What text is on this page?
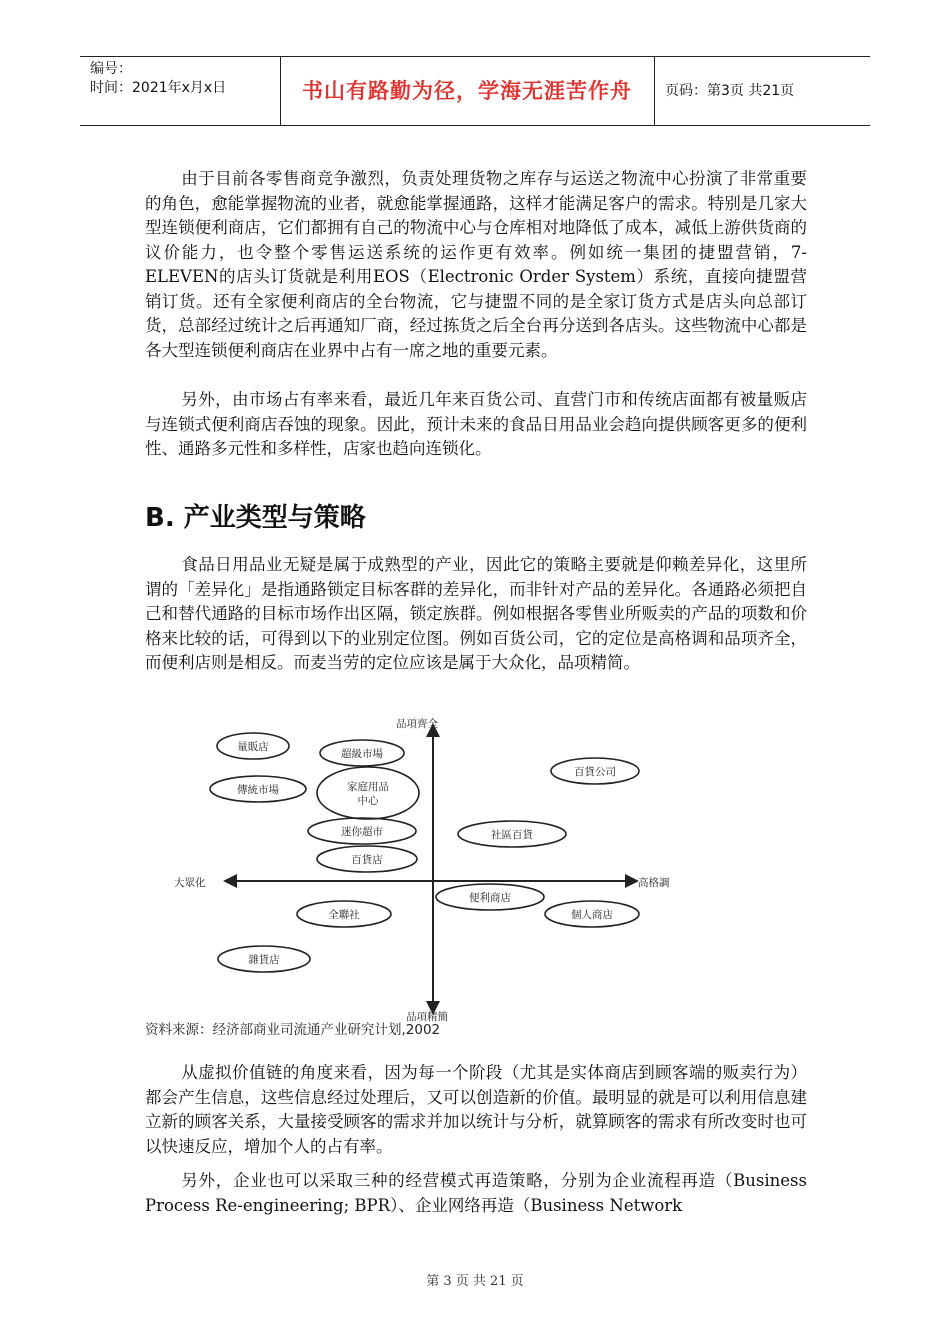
编号：
时间：2021年x月x日	书山有路勤为径，学海无涯苦作舟	页码：第3页 共21页

由于目前各零售商竞争激烈，负责处理货物之库存与运送之物流中心扮演了非常重要的角色，愈能掌握物流的业者，就愈能掌握通路，这样才能满足客户的需求。特别是几家大型连锁便利商店，它们都拥有自己的物流中心与仓库相对地降低了成本，减低上游供货商的议价能力，也令整个零售运送系统的运作更有效率。例如统一集团的捷盟营销，7-ELEVEN的店头订货就是利用EOS（Electronic Order System）系统，直接向捷盟营销订货。还有全家便利商店的全台物流，它与捷盟不同的是全家订货方式是店头向总部订货，总部经过统计之后再通知厂商，经过拣货之后全台再分送到各店头。这些物流中心都是各大型连锁便利商店在业界中占有一席之地的重要元素。

另外，由市场占有率来看，最近几年来百货公司、直营门市和传统店面都有被量贩店与连锁式便利商店吞蚀的现象。因此，预计未来的食品日用品业会趋向提供顾客更多的便利性、通路多元性和多样性，店家也趋向连锁化。

B. 产业类型与策略

食品日用品业无疑是属于成熟型的产业，因此它的策略主要就是仰赖差异化，这里所谓的「差异化」是指通路锁定目标客群的差异化，而非针对产品的差异化。各通路必须把自己和替代通路的目标市场作出区隔，锁定族群。例如根据各零售业所贩卖的产品的项数和价格来比较的话，可得到以下的业别定位图。例如百货公司，它的定位是高格调和品项齐全，而便利店则是相反。而麦当劳的定位应该是属于大众化，品项精简。

品項齊全
品項精簡
大眾化	高格調
量販店
超級市場
傳統市場	家庭用品
中心
百貨公司
迷你超市	社區百貨
百貨店
便利商店
全聯社	個人商店
雜貨店
资料来源：经济部商业司流通产业研究计划,2002

从虚拟价值链的角度来看，因为每一个阶段（尤其是实体商店到顾客端的贩卖行为）都会产生信息，这些信息经过处理后，又可以创造新的价值。最明显的就是可以利用信息建立新的顾客关系，大量接受顾客的需求并加以统计与分析，就算顾客的需求有所改变时也可以快速反应，增加个人的占有率。

另外，企业也可以采取三种的经营模式再造策略，分别为企业流程再造（Business Process Re-engineering; BPR）、企业网络再造（Business Network

第 3 页 共 21 页
